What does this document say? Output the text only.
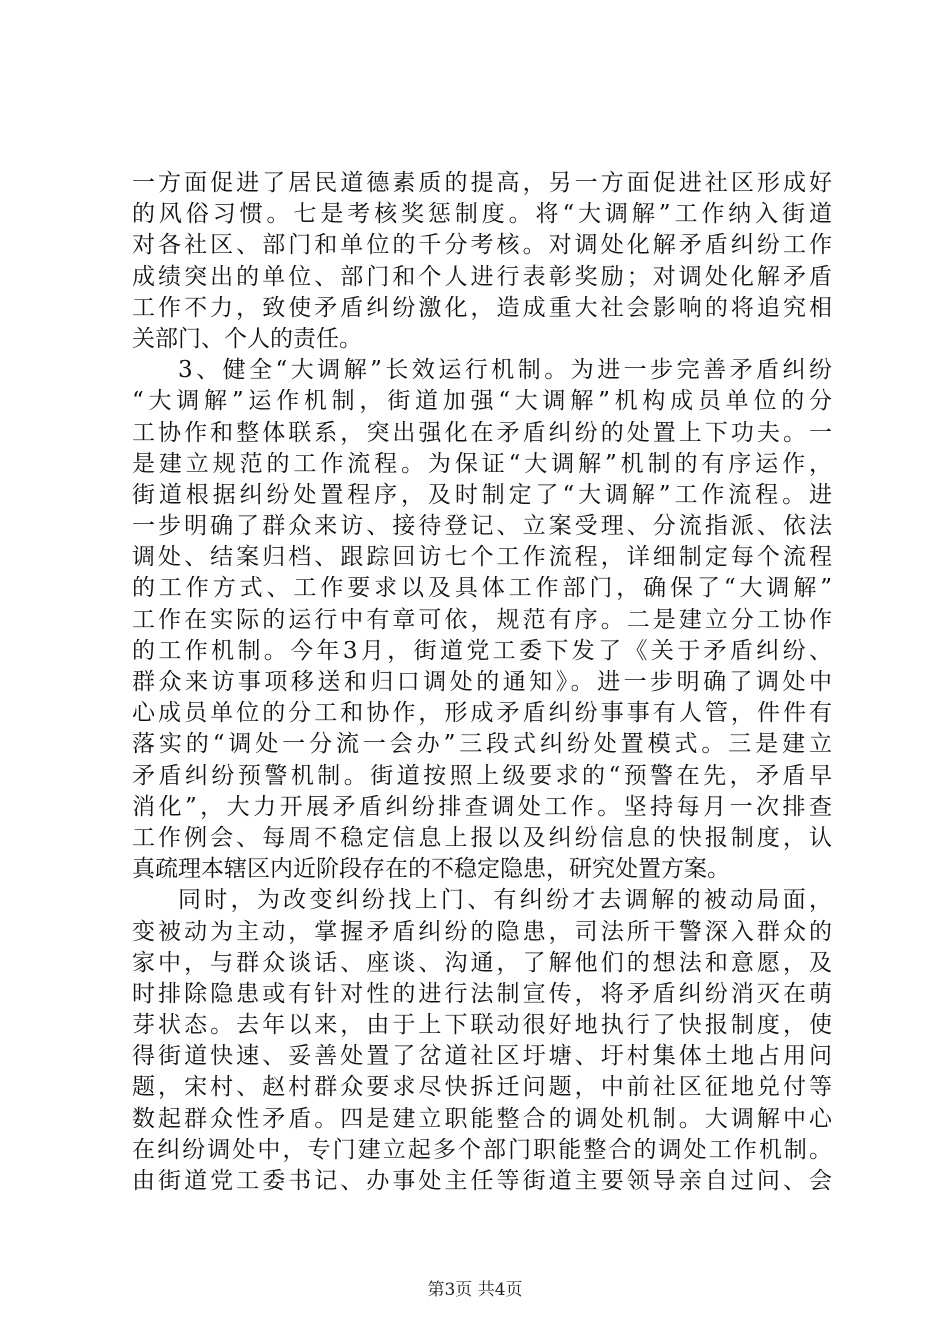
一方面促进了居民道德素质的提高，另一方面促进社区形成好
的风俗习惯。七是考核奖惩制度。将“大调解”工作纳入街道
对各社区、部门和单位的千分考核。对调处化解矛盾纠纷工作
成绩突出的单位、部门和个人进行表彰奖励；对调处化解矛盾
工作不力，致使矛盾纠纷激化，造成重大社会影响的将追究相
关部门、个人的责任。
3、健全“大调解”长效运行机制。为进一步完善矛盾纠纷
“大调解”运作机制，街道加强“大调解”机构成员单位的分
工协作和整体联系，突出强化在矛盾纠纷的处置上下功夫。一
是建立规范的工作流程。为保证“大调解”机制的有序运作，
街道根据纠纷处置程序，及时制定了“大调解”工作流程。进
一步明确了群众来访、接待登记、立案受理、分流指派、依法
调处、结案归档、跟踪回访七个工作流程，详细制定每个流程
的工作方式、工作要求以及具体工作部门，确保了“大调解”
工作在实际的运行中有章可依，规范有序。二是建立分工协作
的工作机制。今年3月，街道党工委下发了《关于矛盾纠纷、
群众来访事项移送和归口调处的通知》。进一步明确了调处中
心成员单位的分工和协作，形成矛盾纠纷事事有人管，件件有
落实的“调处一分流一会办”三段式纠纷处置模式。三是建立
矛盾纠纷预警机制。街道按照上级要求的“预警在先，矛盾早
消化”，大力开展矛盾纠纷排查调处工作。坚持每月一次排查
工作例会、每周不稳定信息上报以及纠纷信息的快报制度，认
真疏理本辖区内近阶段存在的不稳定隐患，研究处置方案。
同时，为改变纠纷找上门、有纠纷才去调解的被动局面，
变被动为主动，掌握矛盾纠纷的隐患，司法所干警深入群众的
家中，与群众谈话、座谈、沟通，了解他们的想法和意愿，及
时排除隐患或有针对性的进行法制宣传，将矛盾纠纷消灭在萌
芽状态。去年以来，由于上下联动很好地执行了快报制度，使
得街道快速、妥善处置了岔道社区圩塘、圩村集体土地占用问
题，宋村、赵村群众要求尽快拆迁问题，中前社区征地兑付等
数起群众性矛盾。四是建立职能整合的调处机制。大调解中心
在纠纷调处中，专门建立起多个部门职能整合的调处工作机制。
由街道党工委书记、办事处主任等街道主要领导亲自过问、会
第3页 共4页
